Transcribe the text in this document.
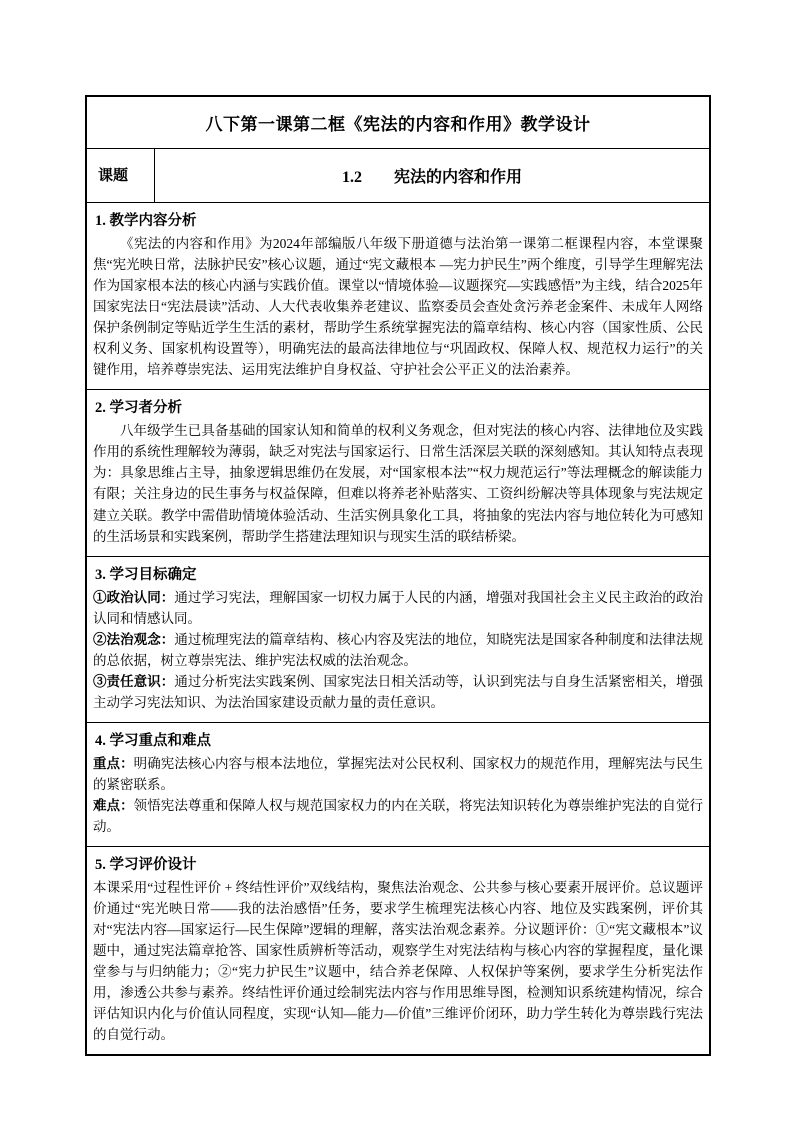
八下第一课第二框《宪法的内容和作用》教学设计
课题	1.2　　宪法的内容和作用
1. 教学内容分析

《宪法的内容和作用》为2024年部编版八年级下册道德与法治第一课第二框课程内容，本堂课聚焦“宪光映日常，法脉护民安”核心议题，通过“宪文藏根本 —宪力护民生”两个维度，引导学生理解宪法作为国家根本法的核心内涵与实践价值。课堂以“情境体验—议题探究—实践感悟”为主线，结合2025年国家宪法日“宪法晨读”活动、人大代表收集养老建议、监察委员会查处贪污养老金案件、未成年人网络保护条例制定等贴近学生生活的素材，帮助学生系统掌握宪法的篇章结构、核心内容（国家性质、公民权利义务、国家机构设置等），明确宪法的最高法律地位与“巩固政权、保障人权、规范权力运行”的关键作用，培养尊崇宪法、运用宪法维护自身权益、守护社会公平正义的法治素养。

2. 学习者分析

八年级学生已具备基础的国家认知和简单的权利义务观念，但对宪法的核心内容、法律地位及实践作用的系统性理解较为薄弱，缺乏对宪法与国家运行、日常生活深层关联的深刻感知。其认知特点表现为：具象思维占主导，抽象逻辑思维仍在发展，对“国家根本法”“权力规范运行”等法理概念的解读能力有限；关注身边的民生事务与权益保障，但难以将养老补贴落实、工资纠纷解决等具体现象与宪法规定建立关联。教学中需借助情境体验活动、生活实例具象化工具，将抽象的宪法内容与地位转化为可感知的生活场景和实践案例，帮助学生搭建法理知识与现实生活的联结桥梁。

3. 学习目标确定

①政治认同：通过学习宪法，理解国家一切权力属于人民的内涵，增强对我国社会主义民主政治的政治认同和情感认同。

②法治观念：通过梳理宪法的篇章结构、核心内容及宪法的地位，知晓宪法是国家各种制度和法律法规的总依据，树立尊崇宪法、维护宪法权威的法治观念。

③责任意识：通过分析宪法实践案例、国家宪法日相关活动等，认识到宪法与自身生活紧密相关，增强主动学习宪法知识、为法治国家建设贡献力量的责任意识。

4. 学习重点和难点

重点：明确宪法核心内容与根本法地位，掌握宪法对公民权利、国家权力的规范作用，理解宪法与民生的紧密联系。

难点：领悟宪法尊重和保障人权与规范国家权力的内在关联，将宪法知识转化为尊崇维护宪法的自觉行动。

5. 学习评价设计

本课采用“过程性评价 + 终结性评价”双线结构，聚焦法治观念、公共参与核心要素开展评价。总议题评价通过“宪光映日常——我的法治感悟”任务，要求学生梳理宪法核心内容、地位及实践案例，评价其对“宪法内容—国家运行—民生保障”逻辑的理解，落实法治观念素养。分议题评价：①“宪文藏根本”议题中，通过宪法篇章抢答、国家性质辨析等活动，观察学生对宪法结构与核心内容的掌握程度，量化课堂参与与归纳能力；②“宪力护民生”议题中，结合养老保障、人权保护等案例，要求学生分析宪法作用，渗透公共参与素养。终结性评价通过绘制宪法内容与作用思维导图，检测知识系统建构情况，综合评估知识内化与价值认同程度，实现“认知—能力—价值”三维评价闭环，助力学生转化为尊崇践行宪法的自觉行动。
